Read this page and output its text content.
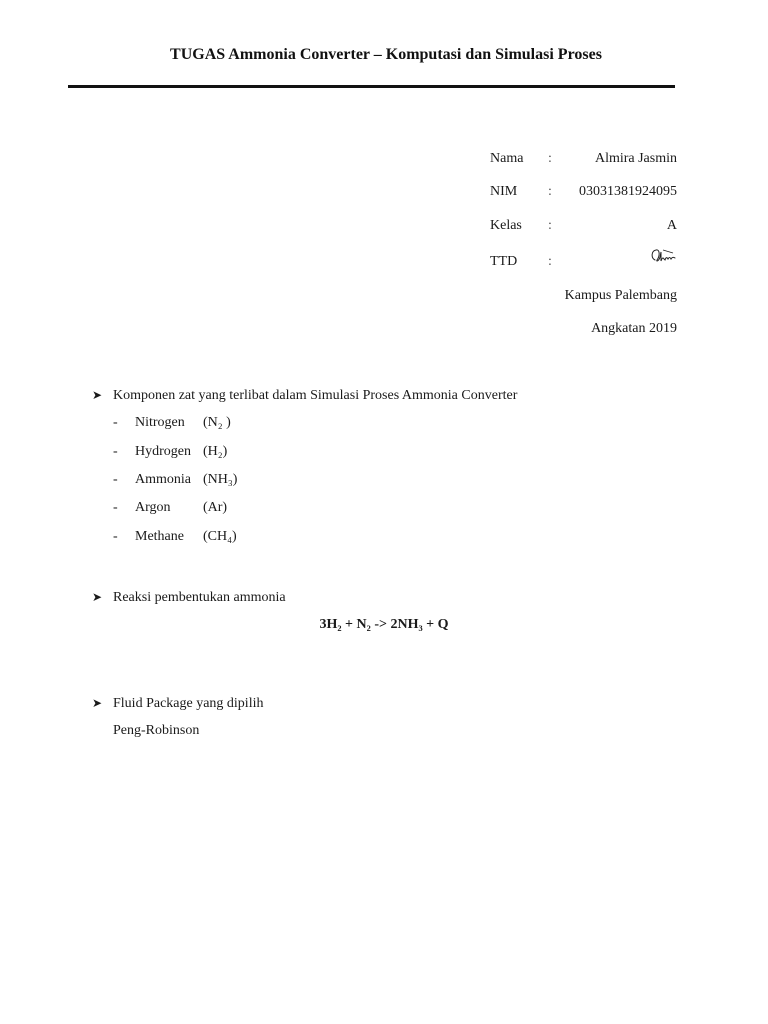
TUGAS Ammonia Converter – Komputasi dan Simulasi Proses
Nama :	Almira Jasmin
NIM : 03031381924095
Kelas :	A
TTD :
Kampus Palembang
Angkatan 2019
➤ Komponen zat yang terlibat dalam Simulasi Proses Ammonia Converter
- Nitrogen (N₂ )
- Hydrogen (H₂)
- Ammonia (NH₃)
- Argon (Ar)
- Methane (CH₄)
➤ Reaksi pembentukan ammonia
3H₂ + N₂ -> 2NH₃ + Q
➤ Fluid Package yang dipilih
Peng-Robinson
